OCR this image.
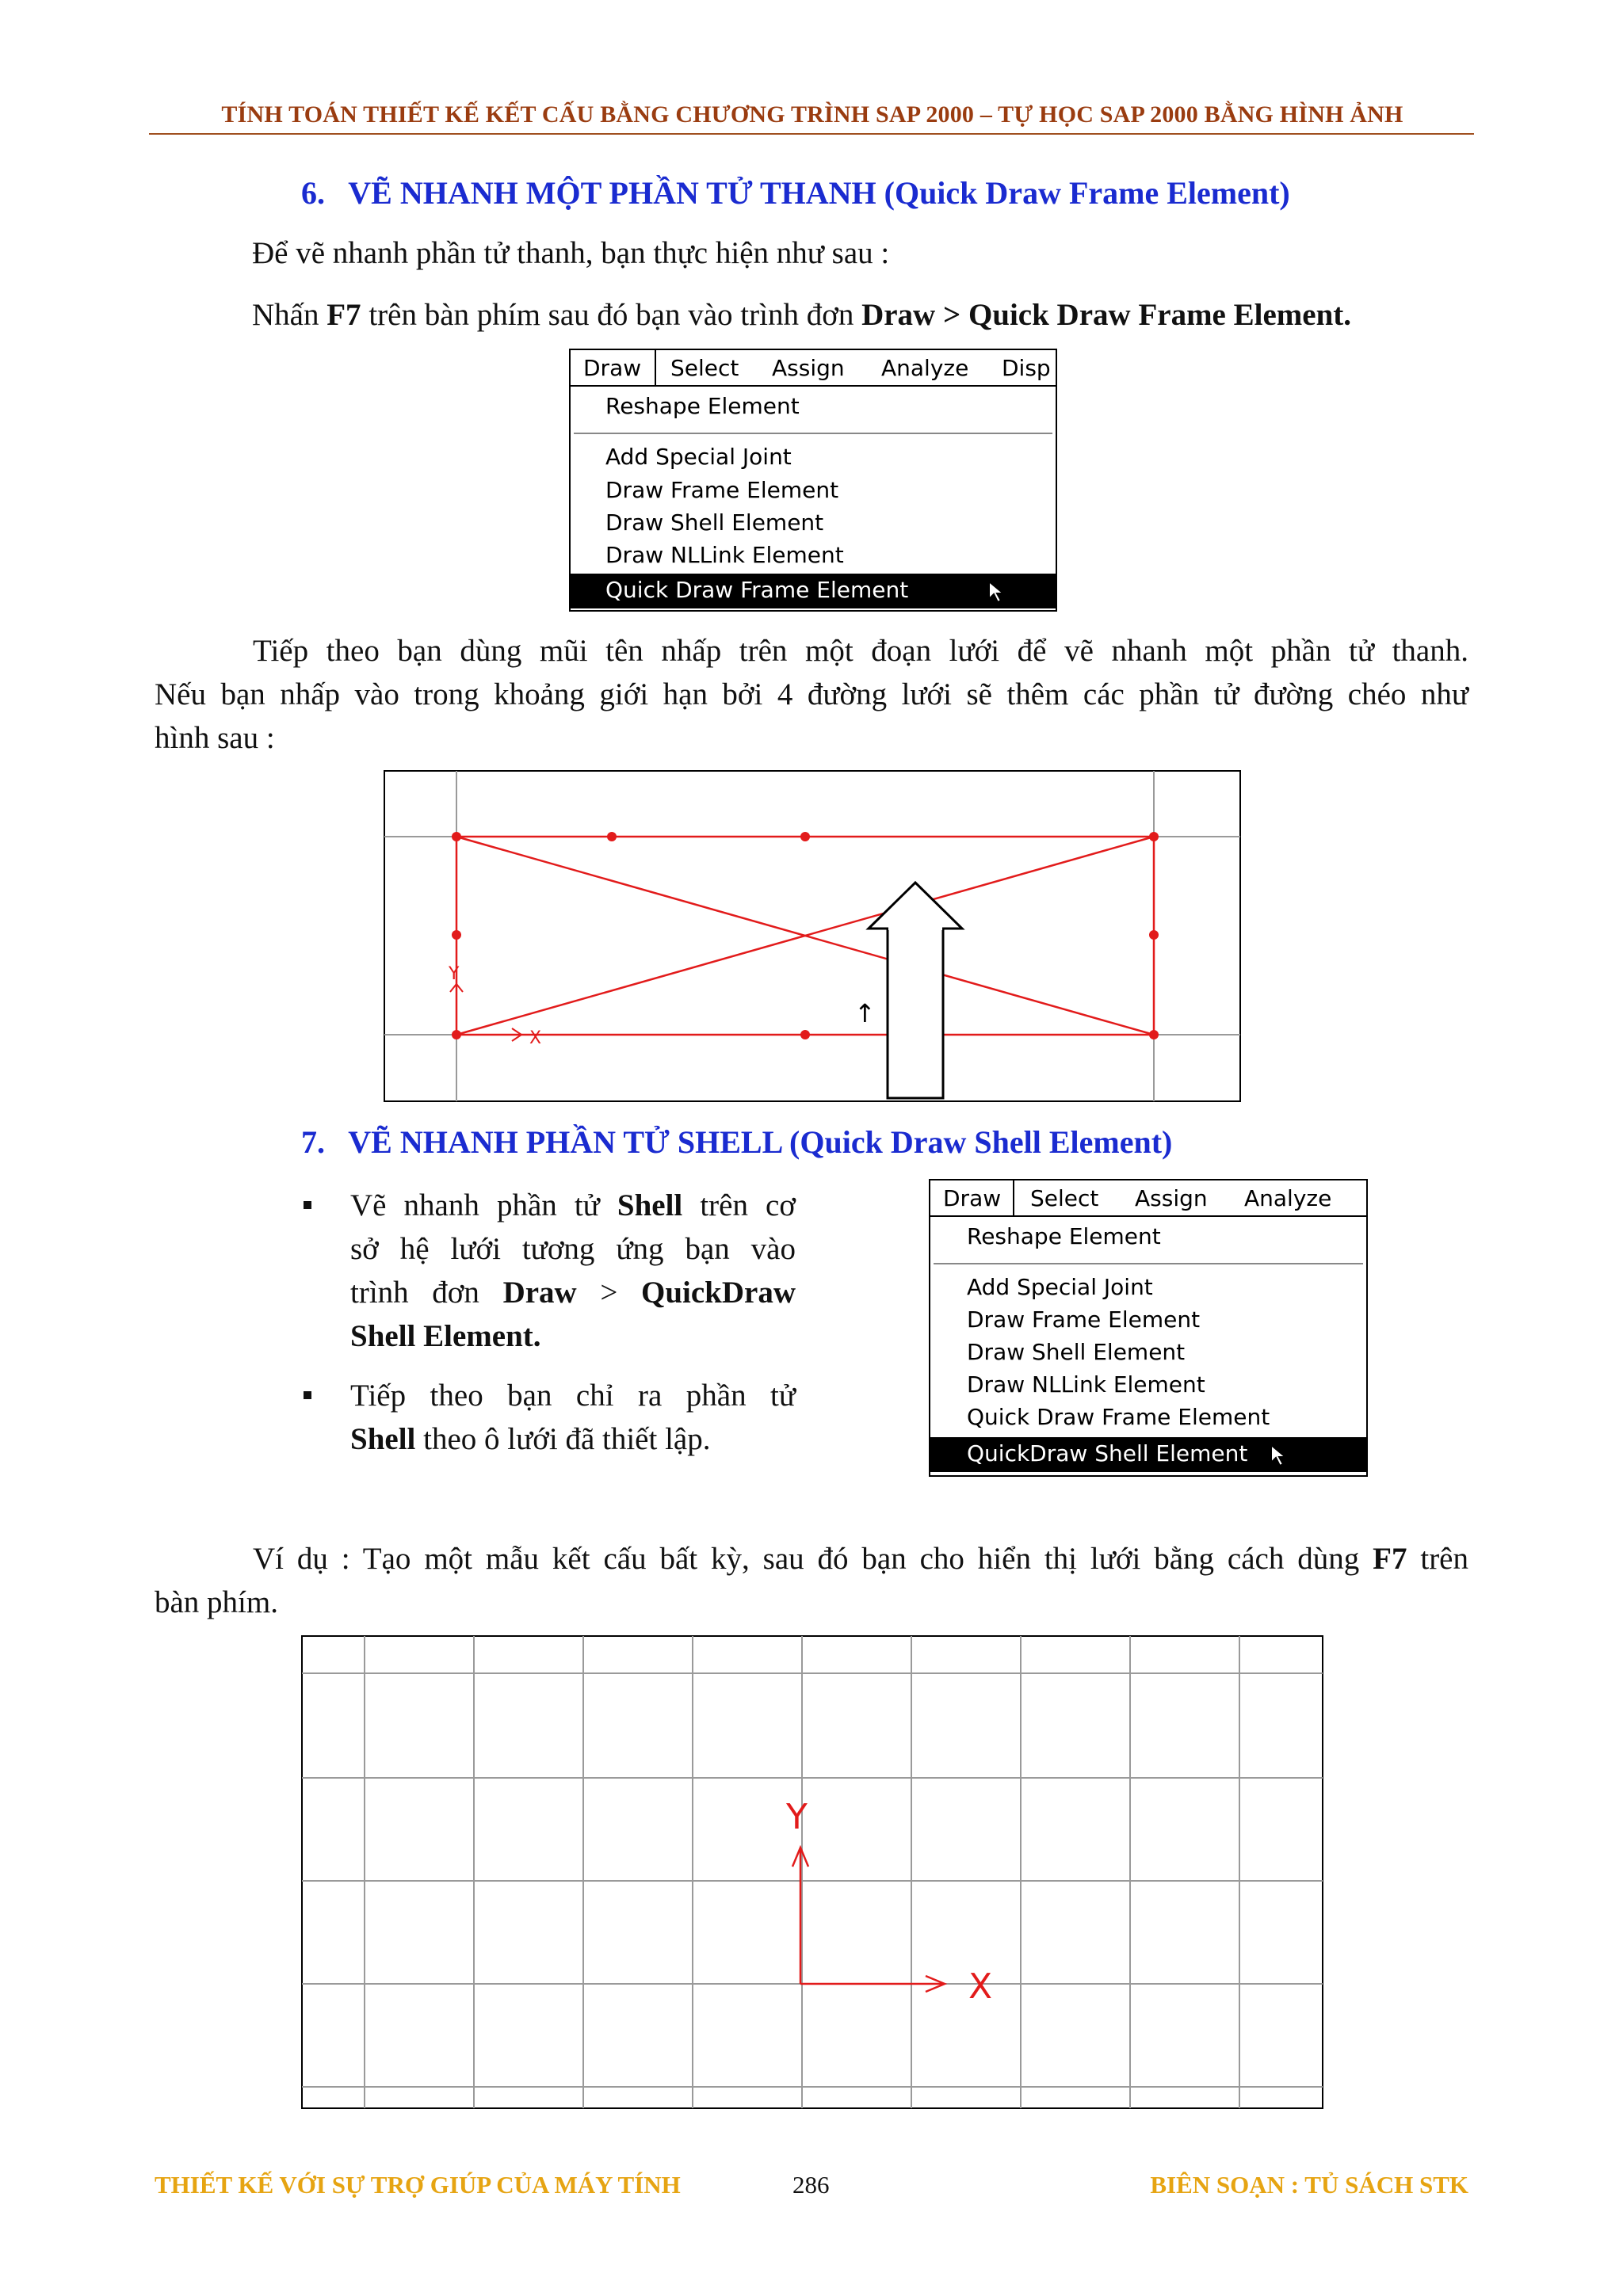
TÍNH TOÁN THIẾT KẾ KẾT CẤU BẰNG CHƯƠNG TRÌNH SAP 2000 – TỰ HỌC SAP 2000 BẰNG HÌNH ẢNH
6. VẼ NHANH MỘT PHẦN TỬ THANH (Quick Draw Frame Element)
Để vẽ nhanh phần tử thanh, bạn thực hiện như sau :
Nhấn F7 trên bàn phím sau đó bạn vào trình đơn Draw > Quick Draw Frame Element.
Draw Select Assign Analyze Disp
Reshape Element
Add Special Joint
Draw Frame Element
Draw Shell Element
Draw NLLink Element
Quick Draw Frame Element
Tiếp theo bạn dùng mũi tên nhấp trên một đoạn lưới để vẽ nhanh một phần tử thanh.
Nếu bạn nhấp vào trong khoảng giới hạn bởi 4 đường lưới sẽ thêm các phần tử đường chéo như
hình sau :
X
Y
↑
7. VẼ NHANH PHẦN TỬ SHELL (Quick Draw Shell Element)
Vẽ nhanh phần tử Shell trên cơ
sở hệ lưới tương ứng bạn vào
trình đơn Draw > QuickDraw
Shell Element.
Tiếp theo bạn chỉ ra phần tử
Shell theo ô lưới đã thiết lập.
Draw Select Assign Analyze
Reshape Element
Add Special Joint
Draw Frame Element
Draw Shell Element
Draw NLLink Element
Quick Draw Frame Element
QuickDraw Shell Element
Ví dụ : Tạo một mẫu kết cấu bất kỳ, sau đó bạn cho hiển thị lưới bằng cách dùng F7 trên
bàn phím.
Y
X
THIẾT KẾ VỚI SỰ TRỢ GIÚP CỦA MÁY TÍNH	286	BIÊN SOẠN : TỦ SÁCH STK
